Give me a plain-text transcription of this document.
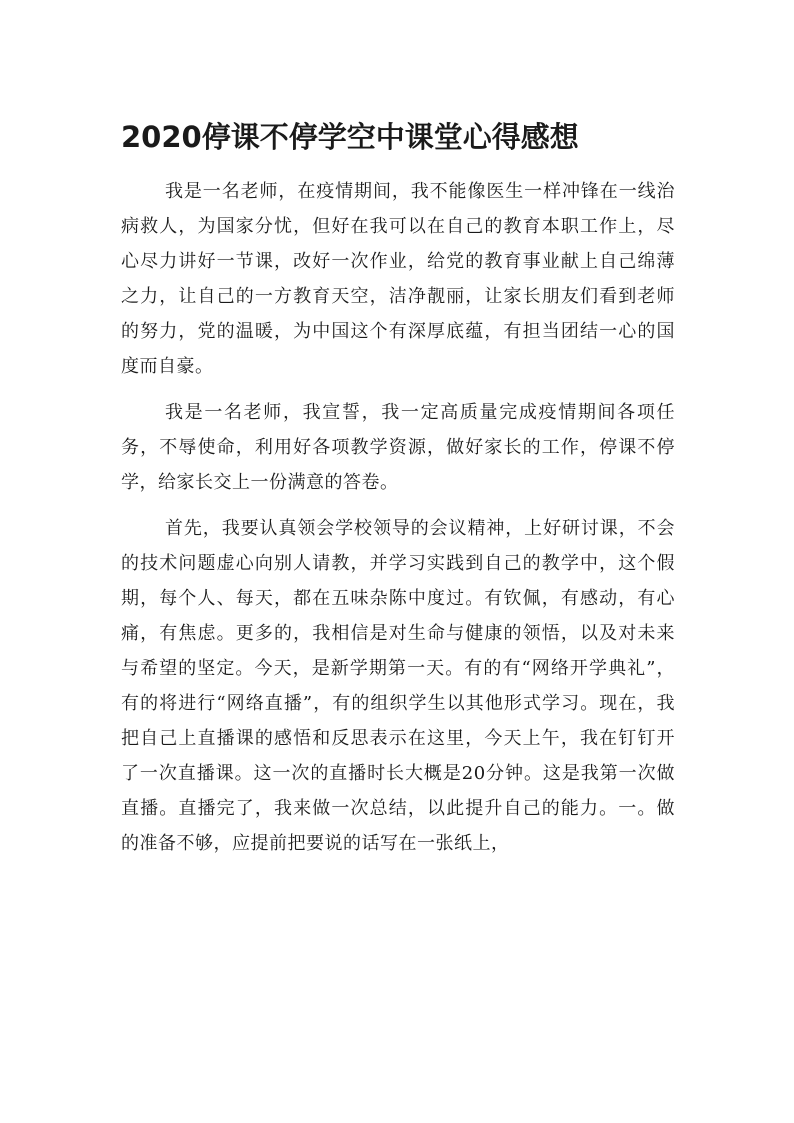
2020停课不停学空中课堂心得感想

我是一名老师，在疫情期间，我不能像医生一样冲锋在一线治病救人，为国家分忧，但好在我可以在自己的教育本职工作上，尽心尽力讲好一节课，改好一次作业，给党的教育事业献上自己绵薄之力，让自己的一方教育天空，洁净靓丽，让家长朋友们看到老师的努力，党的温暖，为中国这个有深厚底蕴，有担当团结一心的国度而自豪。

我是一名老师，我宣誓，我一定高质量完成疫情期间各项任务，不辱使命，利用好各项教学资源，做好家长的工作，停课不停学，给家长交上一份满意的答卷。

首先，我要认真领会学校领导的会议精神，上好研讨课，不会的技术问题虚心向别人请教，并学习实践到自己的教学中，这个假期，每个人、每天，都在五味杂陈中度过。有钦佩，有感动，有心痛，有焦虑。更多的，我相信是对生命与健康的领悟，以及对未来与希望的坚定。今天，是新学期第一天。有的有“网络开学典礼”，有的将进行“网络直播”，有的组织学生以其他形式学习。现在，我把自己上直播课的感悟和反思表示在这里，今天上午，我在钉钉开了一次直播课。这一次的直播时长大概是20分钟。这是我第一次做直播。直播完了，我来做一次总结，以此提升自己的能力。一。做的准备不够，应提前把要说的话写在一张纸上，
